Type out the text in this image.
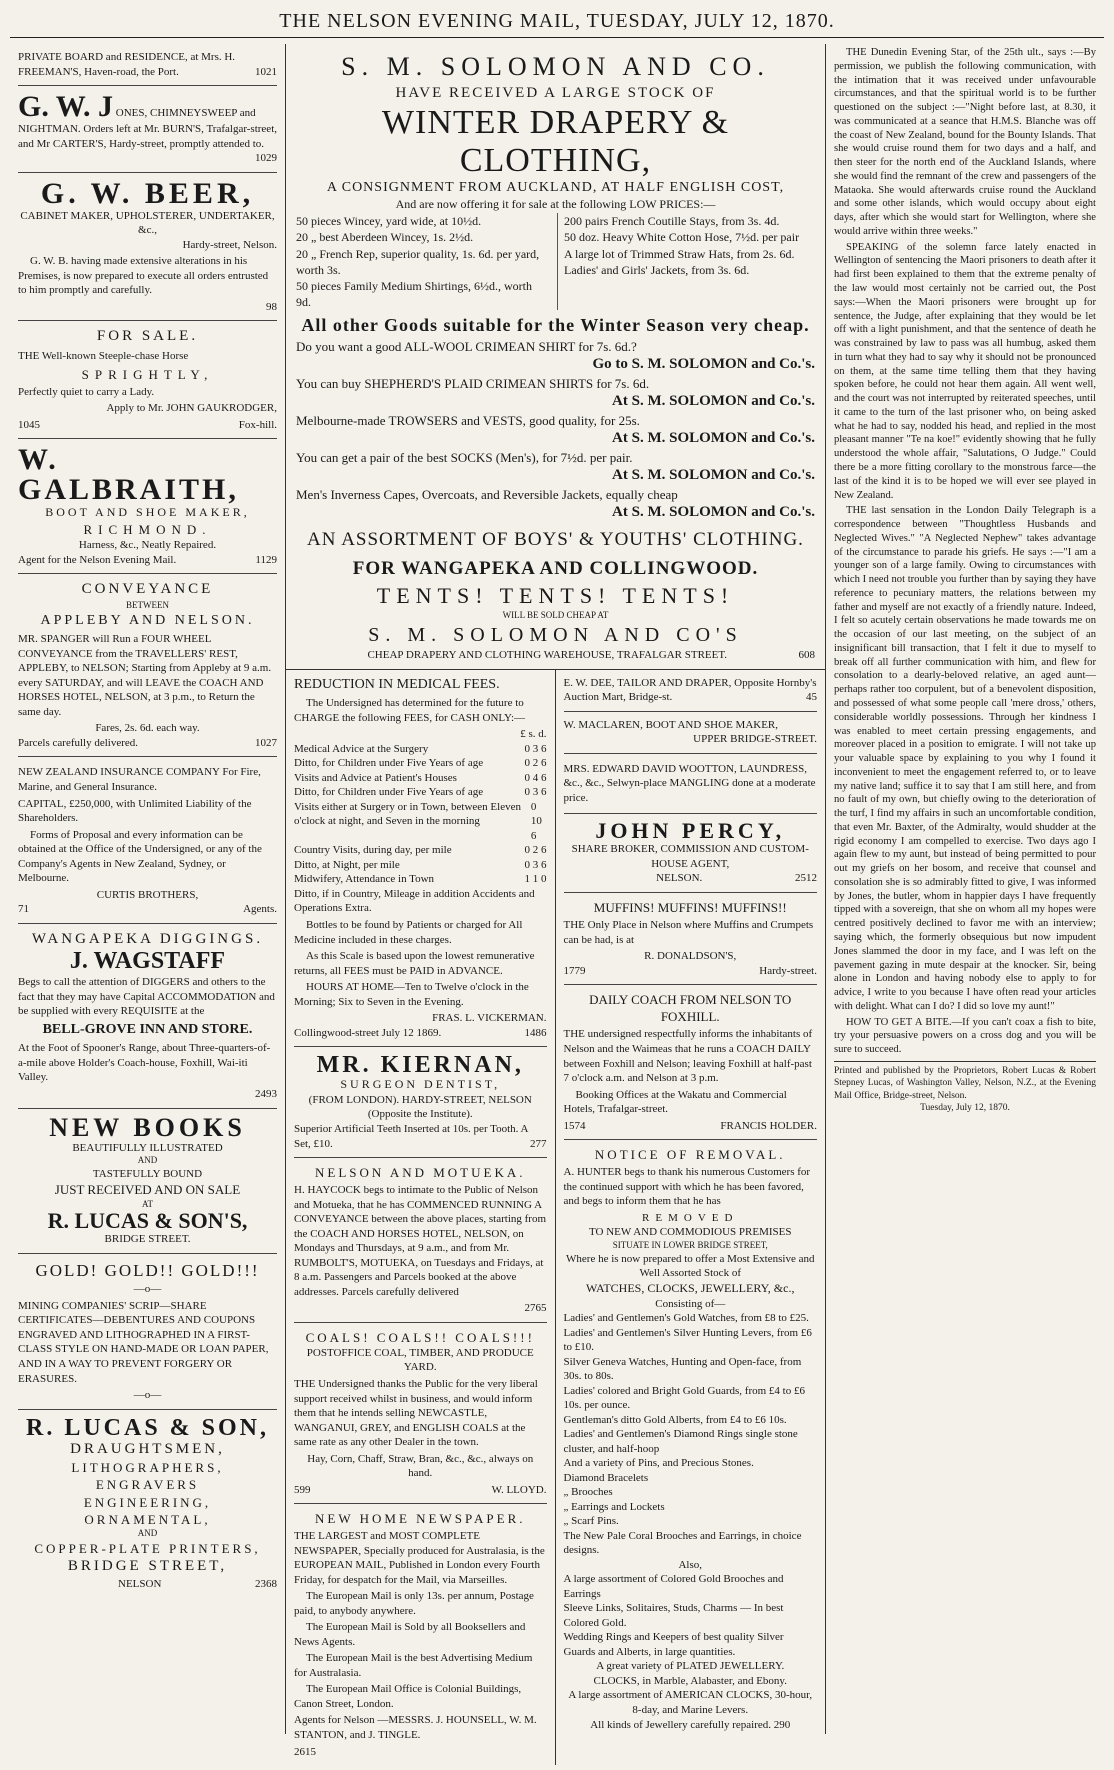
THE NELSON EVENING MAIL, TUESDAY, JULY 12, 1870.
PRIVATE BOARD and RESIDENCE, at Mrs. H. FREEMAN'S, Haven-road, the Port.	1021
G. W. J ONES, CHIMNEYSWEEP and NIGHTMAN. Orders left at Mr. BURN'S, Trafalgar-street, and Mr CARTER'S, Hardy-street, promptly attended to.
1029
G. W. BEER,
CABINET MAKER, UPHOLSTERER, UNDERTAKER, &c.,
Hardy-street, Nelson.

G. W. B. having made extensive alterations in his Premises, is now prepared to execute all orders entrusted to him promptly and carefully.

98
FOR SALE.

THE Well-known Steeple-chase Horse

SPRIGHTLY,

Perfectly quiet to carry a Lady.

Apply to Mr. JOHN GAUKRODGER,

1045	Fox-hill.
W. GALBRAITH,
BOOT AND SHOE MAKER,
RICHMOND.
Harness, &c., Neatly Repaired.
Agent for the Nelson Evening Mail.	1129
CONVEYANCE
BETWEEN
APPLEBY AND NELSON.

MR. SPANGER will Run a FOUR WHEEL CONVEYANCE from the TRAVELLERS' REST, APPLEBY, to NELSON; Starting from Appleby at 9 a.m. every SATURDAY, and will LEAVE the COACH AND HORSES HOTEL, NELSON, at 3 p.m., to Return the same day.

Fares, 2s. 6d. each way.
Parcels carefully delivered.	1027

NEW ZEALAND INSURANCE COMPANY For Fire, Marine, and General Insurance.

CAPITAL, £250,000, with Unlimited Liability of the Shareholders.

Forms of Proposal and every information can be obtained at the Office of the Undersigned, or any of the Company's Agents in New Zealand, Sydney, or Melbourne.

CURTIS BROTHERS,
71	Agents.
WANGAPEKA DIGGINGS.
J. WAGSTAFF

Begs to call the attention of DIGGERS and others to the fact that they may have Capital ACCOMMODATION and be supplied with every REQUISITE at the

BELL-GROVE INN AND STORE.

At the Foot of Spooner's Range, about Three-quarters-of-a-mile above Holder's Coach-house, Foxhill, Wai-iti Valley.

2493
NEW BOOKS
BEAUTIFULLY ILLUSTRATED
AND
TASTEFULLY BOUND
JUST RECEIVED AND ON SALE
AT
R. LUCAS & SON'S,
BRIDGE STREET.
GOLD! GOLD!! GOLD!!!
—o—

MINING COMPANIES' SCRIP—SHARE CERTIFICATES—DEBENTURES AND COUPONS ENGRAVED AND LITHOGRAPHED IN A FIRST-CLASS STYLE ON HAND-MADE OR LOAN PAPER, AND IN A WAY TO PREVENT FORGERY OR ERASURES.

—o—
R. LUCAS & SON,
DRAUGHTSMEN,
LITHOGRAPHERS, ENGRAVERS
ENGINEERING, ORNAMENTAL,
AND
COPPER-PLATE PRINTERS,
BRIDGE STREET,
NELSON	2368
S. M. SOLOMON AND CO.
HAVE RECEIVED A LARGE STOCK OF
WINTER DRAPERY & CLOTHING,
A CONSIGNMENT FROM AUCKLAND, AT HALF ENGLISH COST,
And are now offering it for sale at the following LOW PRICES:—
50 pieces Wincey, yard wide, at 10½d.
20 „ best Aberdeen Wincey, 1s. 2½d.
20 „ French Rep, superior quality, 1s. 6d. per yard, worth 3s.
50 pieces Family Medium Shirtings, 6½d., worth 9d.
200 pairs French Coutille Stays, from 3s. 4d.
50 doz. Heavy White Cotton Hose, 7½d. per pair
A large lot of Trimmed Straw Hats, from 2s. 6d.
Ladies' and Girls' Jackets, from 3s. 6d.
All other Goods suitable for the Winter Season very cheap.
Do you want a good ALL-WOOL CRIMEAN SHIRT for 7s. 6d.?
Go to S. M. SOLOMON and Co.'s.
You can buy SHEPHERD'S PLAID CRIMEAN SHIRTS for 7s. 6d.
At S. M. SOLOMON and Co.'s.
Melbourne-made TROWSERS and VESTS, good quality, for 25s.
At S. M. SOLOMON and Co.'s.
You can get a pair of the best SOCKS (Men's), for 7½d. per pair.
At S. M. SOLOMON and Co.'s.
Men's Inverness Capes, Overcoats, and Reversible Jackets, equally cheap
At S. M. SOLOMON and Co.'s.
AN ASSORTMENT OF BOYS' & YOUTHS' CLOTHING.
FOR WANGAPEKA AND COLLINGWOOD.
TENTS! TENTS! TENTS!
WILL BE SOLD CHEAP AT
S. M. SOLOMON AND CO'S
CHEAP DRAPERY AND CLOTHING WAREHOUSE, TRAFALGAR STREET.	608
REDUCTION IN MEDICAL FEES.

The Undersigned has determined for the future to CHARGE the following FEES, for CASH ONLY:—

£ s. d.
Medical Advice at the Surgery	0 3 6
Ditto, for Children under Five Years of age	0 2 6
Visits and Advice at Patient's Houses	0 4 6
Ditto, for Children under Five Years of age	0 3 6
Visits either at Surgery or in Town, between Eleven o'clock at night, and Seven in the morning
0 10 6
Country Visits, during day, per mile	0 2 6
Ditto, at Night, per mile	0 3 6
Midwifery, Attendance in Town	1 1 0
Ditto, if in Country, Mileage in addition Accidents and Operations Extra.

Bottles to be found by Patients or charged for All Medicine included in these charges.

As this Scale is based upon the lowest remunerative returns, all FEES must be PAID in ADVANCE.

HOURS AT HOME—Ten to Twelve o'clock in the Morning; Six to Seven in the Evening.

FRAS. L. VICKERMAN.
Collingwood-street July 12 1869.	1486
MR. KIERNAN,
SURGEON DENTIST,
(FROM LONDON). HARDY-STREET, NELSON (Opposite the Institute).
Superior Artificial Teeth Inserted at 10s. per Tooth. A Set, £10.	277
NELSON AND MOTUEKA.

H. HAYCOCK begs to intimate to the Public of Nelson and Motueka, that he has COMMENCED RUNNING A CONVEYANCE between the above places, starting from the COACH AND HORSES HOTEL, NELSON, on Mondays and Thursdays, at 9 a.m., and from Mr. RUMBOLT'S, MOTUEKA, on Tuesdays and Fridays, at 8 a.m. Passengers and Parcels booked at the above addresses. Parcels carefully delivered

2765
COALS! COALS!! COALS!!!
POSTOFFICE COAL, TIMBER, AND PRODUCE YARD.

THE Undersigned thanks the Public for the very liberal support received whilst in business, and would inform them that he intends selling NEWCASTLE, WANGANUI, GREY, and ENGLISH COALS at the same rate as any other Dealer in the town.

Hay, Corn, Chaff, Straw, Bran, &c., &c., always on hand.

599	W. LLOYD.
NEW HOME NEWSPAPER.

THE LARGEST and MOST COMPLETE NEWSPAPER, Specially produced for Australasia, is the EUROPEAN MAIL, Published in London every Fourth Friday, for despatch for the Mail, via Marseilles.

The European Mail is only 13s. per annum, Postage paid, to anybody anywhere.

The European Mail is Sold by all Booksellers and News Agents.

The European Mail is the best Advertising Medium for Australasia.

The European Mail Office is Colonial Buildings, Canon Street, London.

Agents for Nelson —MESSRS. J. HOUNSELL, W. M. STANTON, and J. TINGLE.

2615
E. W. DEE, TAILOR AND DRAPER, Opposite Hornby's Auction Mart, Bridge-st.	45
W. MACLAREN, BOOT AND SHOE MAKER,
UPPER BRIDGE-STREET.

MRS. EDWARD DAVID WOOTTON, LAUNDRESS, &c., &c., Selwyn-place MANGLING done at a moderate price.

JOHN PERCY,
SHARE BROKER, COMMISSION AND CUSTOM-HOUSE AGENT,
NELSON.	2512
MUFFINS! MUFFINS! MUFFINS!!

THE Only Place in Nelson where Muffins and Crumpets can be had, is at

R. DONALDSON'S,
1779	Hardy-street.
DAILY COACH FROM NELSON TO FOXHILL.

THE undersigned respectfully informs the inhabitants of Nelson and the Waimeas that he runs a COACH DAILY between Foxhill and Nelson; leaving Foxhill at half-past 7 o'clock a.m. and Nelson at 3 p.m.

Booking Offices at the Wakatu and Commercial Hotels, Trafalgar-street.

1574	FRANCIS HOLDER.
NOTICE OF REMOVAL.

A. HUNTER begs to thank his numerous Customers for the continued support with which he has been favored, and begs to inform them that he has

REMOVED
TO NEW AND COMMODIOUS PREMISES
SITUATE IN LOWER BRIDGE STREET,
Where he is now prepared to offer a Most Extensive and Well Assorted Stock of
WATCHES, CLOCKS, JEWELLERY, &c.,
Consisting of—
Ladies' and Gentlemen's Gold Watches, from £8 to £25.
Ladies' and Gentlemen's Silver Hunting Levers, from £6 to £10.
Silver Geneva Watches, Hunting and Open-face, from 30s. to 80s.
Ladies' colored and Bright Gold Guards, from £4 to £6 10s. per ounce.
Gentleman's ditto Gold Alberts, from £4 to £6 10s.
Ladies' and Gentlemen's Diamond Rings single stone cluster, and half-hoop
And a variety of Pins, and Precious Stones.
Diamond Bracelets
„ Brooches
„ Earrings and Lockets
„ Scarf Pins.
The New Pale Coral Brooches and Earrings, in choice designs.
Also,
A large assortment of Colored Gold Brooches and Earrings
Sleeve Links, Solitaires, Studs, Charms — In best Colored Gold.
Wedding Rings and Keepers of best quality Silver Guards and Alberts, in large quantities.
A great variety of PLATED JEWELLERY.
CLOCKS, in Marble, Alabaster, and Ebony.
A large assortment of AMERICAN CLOCKS, 30-hour, 8-day, and Marine Levers.
All kinds of Jewellery carefully repaired. 290

THE Dunedin Evening Star, of the 25th ult., says :—By permission, we publish the following communication, with the intimation that it was received under unfavourable circumstances, and that the spiritual world is to be further questioned on the subject :—"Night before last, at 8.30, it was communicated at a seance that H.M.S. Blanche was off the coast of New Zealand, bound for the Bounty Islands. That she would cruise round them for two days and a half, and then steer for the north end of the Auckland Islands, where she would find the remnant of the crew and passengers of the Mataoka. She would afterwards cruise round the Auckland and some other islands, which would occupy about eight days, after which she would start for Wellington, where she would arrive within three weeks."

SPEAKING of the solemn farce lately enacted in Wellington of sentencing the Maori prisoners to death after it had first been explained to them that the extreme penalty of the law would most certainly not be carried out, the Post says:—When the Maori prisoners were brought up for sentence, the Judge, after explaining that they would be let off with a light punishment, and that the sentence of death he was constrained by law to pass was all humbug, asked them in turn what they had to say why it should not be pronounced on them, at the same time telling them that they having spoken before, he could not hear them again. All went well, and the court was not interrupted by reiterated speeches, until it came to the turn of the last prisoner who, on being asked what he had to say, nodded his head, and replied in the most pleasant manner "Te na koe!" evidently showing that he fully understood the whole affair, "Salutations, O Judge." Could there be a more fitting corollary to the monstrous farce—the last of the kind it is to be hoped we will ever see played in New Zealand.

THE last sensation in the London Daily Telegraph is a correspondence between "Thoughtless Husbands and Neglected Wives." "A Neglected Nephew" takes advantage of the circumstance to parade his griefs. He says :—"I am a younger son of a large family. Owing to circumstances with which I need not trouble you further than by saying they have reference to pecuniary matters, the relations between my father and myself are not exactly of a friendly nature. Indeed, I felt so acutely certain observations he made towards me on the occasion of our last meeting, on the subject of an insignificant bill transaction, that I felt it due to myself to break off all further communication with him, and flew for consolation to a dearly-beloved relative, an aged aunt—perhaps rather too corpulent, but of a benevolent disposition, and possessed of what some people call 'mere dross,' others, considerable worldly possessions. Through her kindness I was enabled to meet certain pressing engagements, and moreover placed in a position to emigrate. I will not take up your valuable space by explaining to you why I found it inconvenient to meet the engagement referred to, or to leave my native land; suffice it to say that I am still here, and from no fault of my own, but chiefly owing to the deterioration of the turf, I find my affairs in such an uncomfortable condition, that even Mr. Baxter, of the Admiralty, would shudder at the rigid economy I am compelled to exercise. Two days ago I again flew to my aunt, but instead of being permitted to pour out my griefs on her bosom, and receive that counsel and consolation she is so admirably fitted to give, I was informed by Jones, the butler, whom in happier days I have frequently tipped with a sovereign, that she on whom all my hopes were centred positively declined to favor me with an interview; saying which, the formerly obsequious but now impudent Jones slammed the door in my face, and I was left on the pavement gazing in mute despair at the knocker. Sir, being alone in London and having nobody else to apply to for advice, I write to you because I have often read your articles with delight. What can I do? I did so love my aunt!"

HOW TO GET A BITE.—If you can't coax a fish to bite, try your persuasive powers on a cross dog and you will be sure to succeed.

Printed and published by the Proprietors, Robert Lucas & Robert Stepney Lucas, of Washington Valley, Nelson, N.Z., at the Evening Mail Office, Bridge-street, Nelson.
Tuesday, July 12, 1870.
